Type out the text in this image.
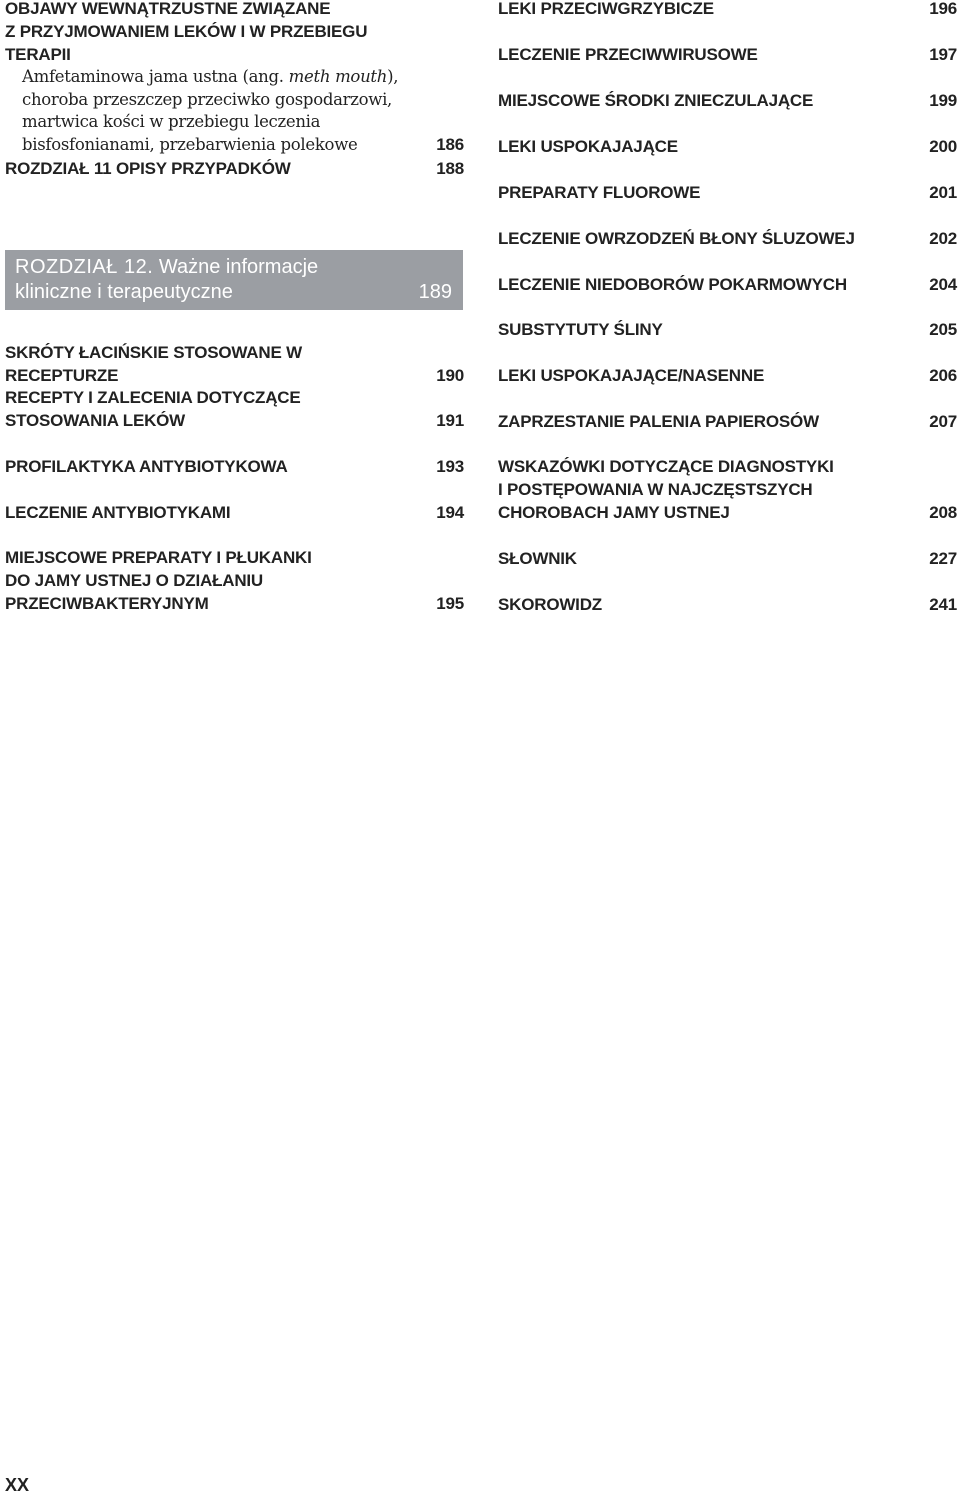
OBJAWY WEWNĄTRZUSTNE ZWIĄZANE
Z PRZYJMOWANIEM LEKÓW I W PRZEBIEGU TERAPII
Amfetaminowa jama ustna (ang. meth mouth), choroba przeszczep przeciwko gospodarzowi, martwica kości w przebiegu leczenia bisfosfonianami, przebarwienia polekowe	186
ROZDZIAŁ 11 OPISY PRZYPADKÓW	188
SKRÓTY ŁACIŃSKIE STOSOWANE W RECEPTURZE	190
RECEPTY I ZALECENIA DOTYCZĄCE
STOSOWANIA LEKÓW	191
PROFILAKTYKA ANTYBIOTYKOWA	193
LECZENIE ANTYBIOTYKAMI	194
MIEJSCOWE PREPARATY I PŁUKANKI
DO JAMY USTNEJ O DZIAŁANIU
PRZECIWBAKTERYJNYM	195
ROZDZIAŁ 12. Ważne informacje
kliniczne i terapeutyczne	189
LEKI PRZECIWGRZYBICZE	196
LECZENIE PRZECIWWIRUSOWE	197
MIEJSCOWE ŚRODKI ZNIECZULAJĄCE	199
LEKI USPOKAJAJĄCE	200
PREPARATY FLUOROWE	201
LECZENIE OWRZODZEŃ BŁONY ŚLUZOWEJ	202
LECZENIE NIEDOBORÓW POKARMOWYCH	204
SUBSTYTUTY ŚLINY	205
LEKI USPOKAJAJĄCE/NASENNE	206
ZAPRZESTANIE PALENIA PAPIEROSÓW	207
WSKAZÓWKI DOTYCZĄCE DIAGNOSTYKI
I POSTĘPOWANIA W NAJCZĘSTSZYCH
CHOROBACH JAMY USTNEJ	208
SŁOWNIK	227
SKOROWIDZ	241
XX
